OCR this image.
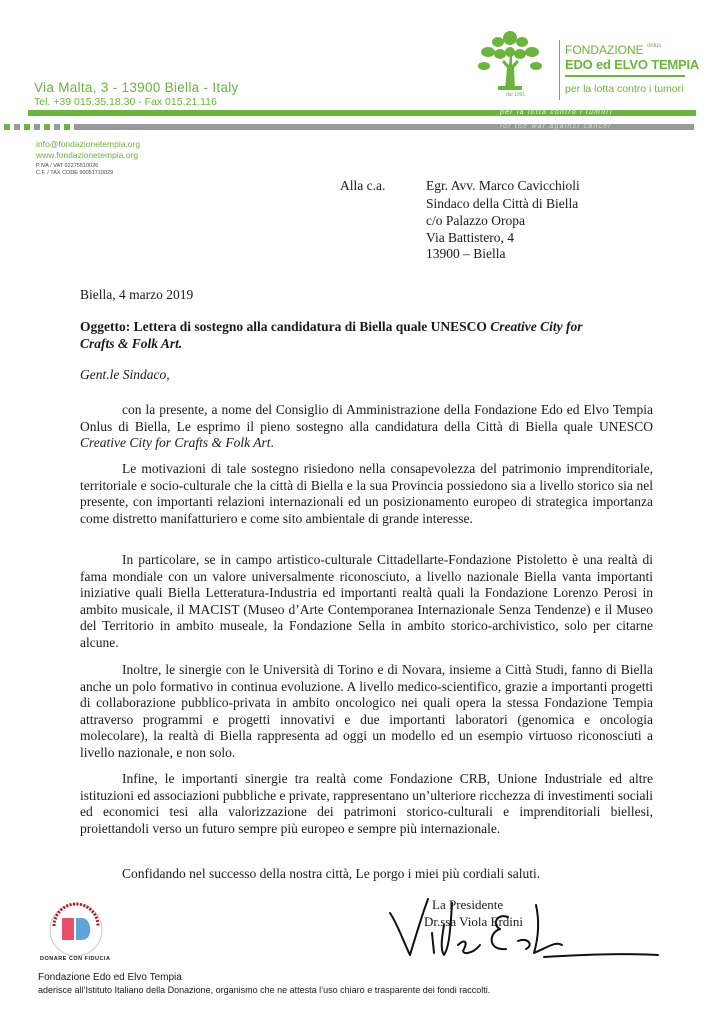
Via Malta, 3 - 13900 Biella - Italy
Tel. +39 015.35.18.30 - Fax 015.21.116
dal 1991
FONDAZIONE $^{onlus}$
EDO ed ELVO TEMPIA
per la lotta contro i tumori
per la lotta contro i tumori
for the war against cancer
info@fondazionetempia.org
www.fondazionetempia.org
P.IVA / VAT 02275510026
C.F. / TAX CODE 90051710029
Alla c.a.	Egr. Avv. Marco Cavicchioli
Sindaco della Città di Biella
c/o Palazzo Oropa
Via Battistero, 4
13900 – Biella
Biella, 4 marzo 2019
Oggetto: Lettera di sostegno alla candidatura di Biella quale UNESCO Creative City for Crafts & Folk Art.
Gent.le Sindaco,
con la presente, a nome del Consiglio di Amministrazione della Fondazione Edo ed Elvo Tempia Onlus di Biella, Le esprimo il pieno sostegno alla candidatura della Città di Biella quale UNESCO Creative City for Crafts & Folk Art.
Le motivazioni di tale sostegno risiedono nella consapevolezza del patrimonio imprenditoriale, territoriale e socio-culturale che la città di Biella e la sua Provincia possiedono sia a livello storico sia nel presente, con importanti relazioni internazionali ed un posizionamento europeo di strategica importanza come distretto manifatturiero e come sito ambientale di grande interesse.
In particolare, se in campo artistico-culturale Cittadellarte-Fondazione Pistoletto è una realtà di fama mondiale con un valore universalmente riconosciuto, a livello nazionale Biella vanta importanti iniziative quali Biella Letteratura-Industria ed importanti realtà quali la Fondazione Lorenzo Perosi in ambito musicale, il MACIST (Museo d’Arte Contemporanea Internazionale Senza Tendenze) e il Museo del Territorio in ambito museale, la Fondazione Sella in ambito storico-archivistico, solo per citarne alcune.
Inoltre, le sinergie con le Università di Torino e di Novara, insieme a Città Studi, fanno di Biella anche un polo formativo in continua evoluzione. A livello medico-scientifico, grazie a importanti progetti di collaborazione pubblico-privata in ambito oncologico nei quali opera la stessa Fondazione Tempia attraverso programmi e progetti innovativi e due importanti laboratori (genomica e oncologia molecolare), la realtà di Biella rappresenta ad oggi un modello ed un esempio virtuoso riconosciuti a livello nazionale, e non solo.
Infine, le importanti sinergie tra realtà come Fondazione CRB, Unione Industriale ed altre istituzioni ed associazioni pubbliche e private, rappresentano un’ulteriore ricchezza di investimenti sociali ed economici tesi alla valorizzazione dei patrimoni storico-culturali e imprenditoriali biellesi, proiettandoli verso un futuro sempre più europeo e sempre più internazionale.
Confidando nel successo della nostra città, Le porgo i miei più cordiali saluti.
La Presidente
Dr.ssa Viola Erdini
DONARE CON FIDUCIA
Fondazione Edo ed Elvo Tempia
aderisce all’Istituto Italiano della Donazione, organismo che ne attesta l’uso chiaro e trasparente dei fondi raccolti.
